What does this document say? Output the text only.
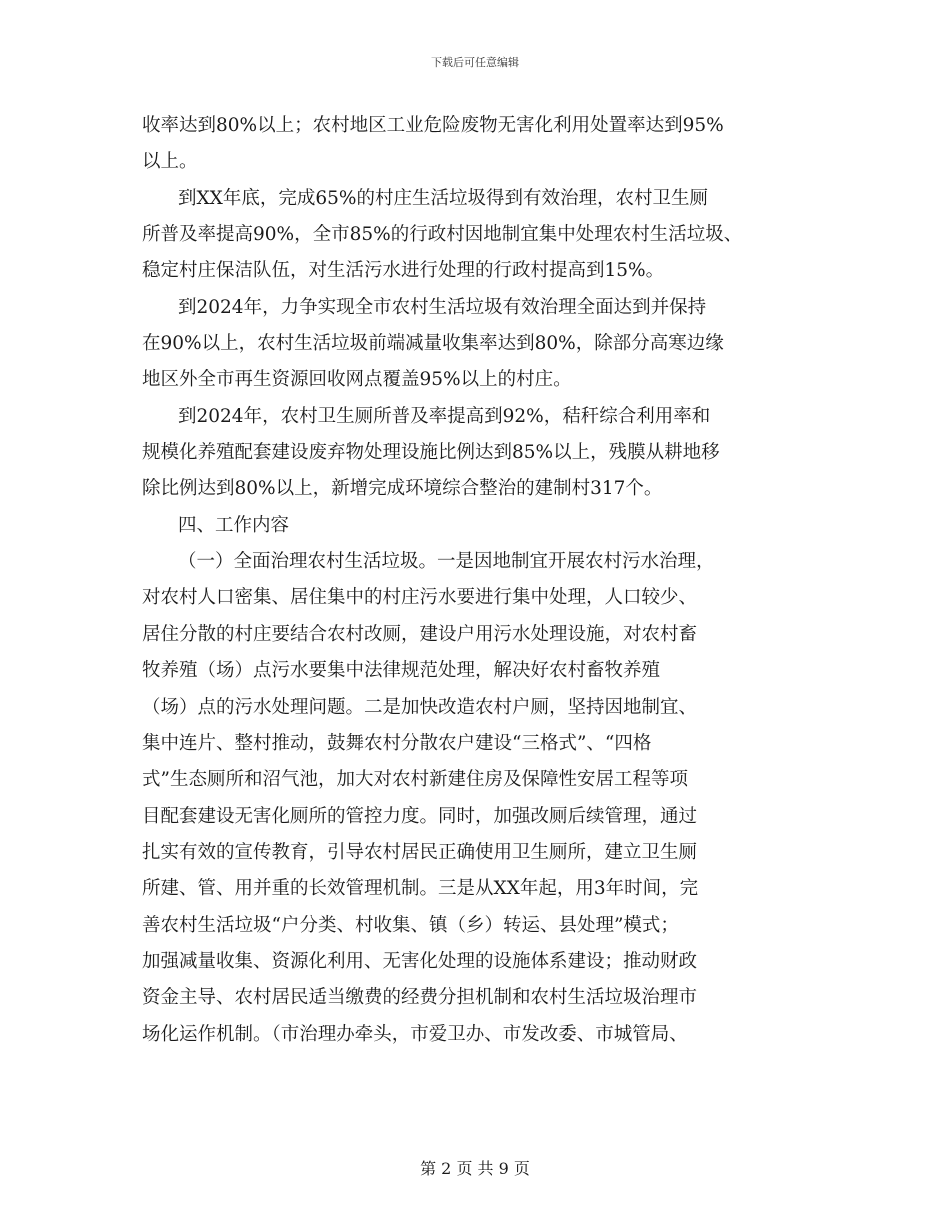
下载后可任意编辑
收率达到80%以上；农村地区工业危险废物无害化利用处置率达到95%
以上。
到XX年底，完成65%的村庄生活垃圾得到有效治理，农村卫生厕
所普及率提高90%，全市85%的行政村因地制宜集中处理农村生活垃圾、
稳定村庄保洁队伍，对生活污水进行处理的行政村提高到15%。
到2024年，力争实现全市农村生活垃圾有效治理全面达到并保持
在90%以上，农村生活垃圾前端减量收集率达到80%，除部分高寒边缘
地区外全市再生资源回收网点覆盖95%以上的村庄。
到2024年，农村卫生厕所普及率提高到92%，秸秆综合利用率和
规模化养殖配套建设废弃物处理设施比例达到85%以上，残膜从耕地移
除比例达到80%以上，新增完成环境综合整治的建制村317个。
四、工作内容
（一）全面治理农村生活垃圾。一是因地制宜开展农村污水治理，
对农村人口密集、居住集中的村庄污水要进行集中处理，人口较少、
居住分散的村庄要结合农村改厕，建设户用污水处理设施，对农村畜
牧养殖（场）点污水要集中法律规范处理，解决好农村畜牧养殖
（场）点的污水处理问题。二是加快改造农村户厕，坚持因地制宜、
集中连片、整村推动，鼓舞农村分散农户建设“三格式”、“四格
式”生态厕所和沼气池，加大对农村新建住房及保障性安居工程等项
目配套建设无害化厕所的管控力度。同时，加强改厕后续管理，通过
扎实有效的宣传教育，引导农村居民正确使用卫生厕所，建立卫生厕
所建、管、用并重的长效管理机制。三是从XX年起，用3年时间，完
善农村生活垃圾“户分类、村收集、镇（乡）转运、县处理”模式；
加强减量收集、资源化利用、无害化处理的设施体系建设；推动财政
资金主导、农村居民适当缴费的经费分担机制和农村生活垃圾治理市
场化运作机制。（市治理办牵头，市爱卫办、市发改委、市城管局、
第 2 页 共 9 页
